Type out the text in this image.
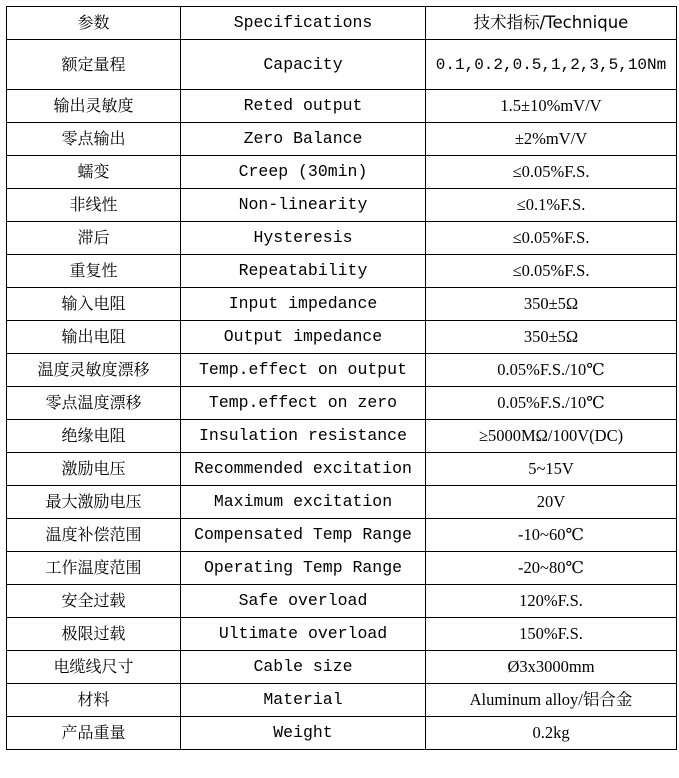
参数	Specifications	技术指标/Technique
额定量程	Capacity	0.1,0.2,0.5,1,2,3,5,10Nm

输出灵敏度	Reted output	1.5±10%mV/V
零点输出	Zero Balance	±2%mV/V
蠕变	Creep (30min)	≤0.05%F.S.
非线性	Non-linearity	≤0.1%F.S.
滞后	Hysteresis	≤0.05%F.S.
重复性	Repeatability	≤0.05%F.S.
输入电阻	Input impedance	350±5Ω
输出电阻	Output impedance	350±5Ω
温度灵敏度漂移	Temp.effect on output	0.05%F.S./10℃
零点温度漂移	Temp.effect on zero	0.05%F.S./10℃
绝缘电阻	Insulation resistance	≥5000MΩ/100V(DC)
激励电压	Recommended excitation	5~15V
最大激励电压	Maximum excitation	20V
温度补偿范围	Compensated Temp Range	-10~60℃
工作温度范围	Operating Temp Range	-20~80℃
安全过载	Safe overload	120%F.S.
极限过载	Ultimate overload	150%F.S.
电缆线尺寸	Cable size	Ø3x3000mm
材料	Material	Aluminum alloy/铝合金
产品重量	Weight	0.2kg
